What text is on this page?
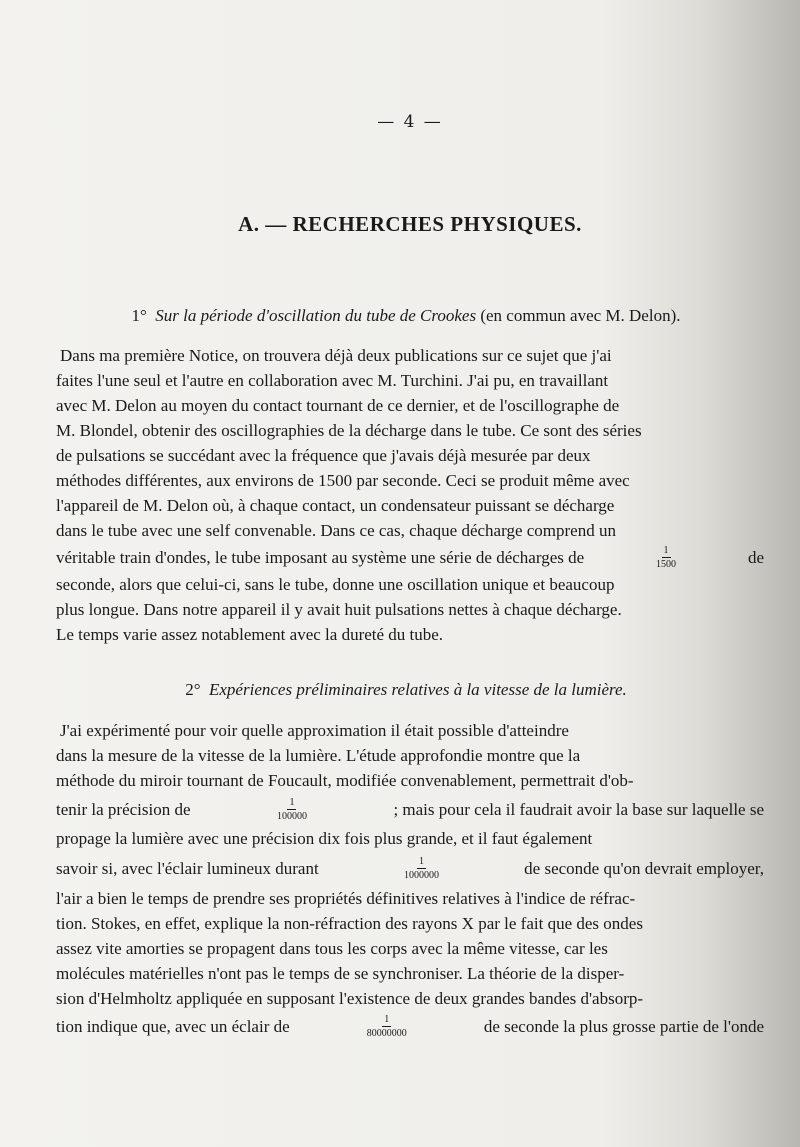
— 4 —
A. — RECHERCHES PHYSIQUES.
1° Sur la période d'oscillation du tube de Crookes (en commun avec M. Delon).
Dans ma première Notice, on trouvera déjà deux publications sur ce sujet que j'ai
faites l'une seul et l'autre en collaboration avec M. Turchini. J'ai pu, en travaillant
avec M. Delon au moyen du contact tournant de ce dernier, et de l'oscillographe de
M. Blondel, obtenir des oscillographies de la décharge dans le tube. Ce sont des séries
de pulsations se succédant avec la fréquence que j'avais déjà mesurée par deux
méthodes différentes, aux environs de 1500 par seconde. Ceci se produit même avec
l'appareil de M. Delon où, à chaque contact, un condensateur puissant se décharge
dans le tube avec une self convenable. Dans ce cas, chaque décharge comprend un
véritable train d'ondes, le tube imposant au système une série de décharges de	$\frac{1}{1500}$	de
seconde, alors que celui-ci, sans le tube, donne une oscillation unique et beaucoup
plus longue. Dans notre appareil il y avait huit pulsations nettes à chaque décharge.
Le temps varie assez notablement avec la dureté du tube.
2° Expériences préliminaires relatives à la vitesse de la lumière.
J'ai expérimenté pour voir quelle approximation il était possible d'atteindre
dans la mesure de la vitesse de la lumière. L'étude approfondie montre que la
méthode du miroir tournant de Foucault, modifiée convenablement, permettrait d'ob-
tenir la précision de	$\frac{1}{100000}$	; mais pour cela il faudrait avoir la base sur laquelle se
propage la lumière avec une précision dix fois plus grande, et il faut également
savoir si, avec l'éclair lumineux durant	$\frac{1}{1000000}$	de seconde qu'on devrait employer,
l'air a bien le temps de prendre ses propriétés définitives relatives à l'indice de réfrac-
tion. Stokes, en effet, explique la non-réfraction des rayons X par le fait que des ondes
assez vite amorties se propagent dans tous les corps avec la même vitesse, car les
molécules matérielles n'ont pas le temps de se synchroniser. La théorie de la disper-
sion d'Helmholtz appliquée en supposant l'existence de deux grandes bandes d'absorp-
tion indique que, avec un éclair de	$\frac{1}{80000000}$	de seconde la plus grosse partie de l'onde
